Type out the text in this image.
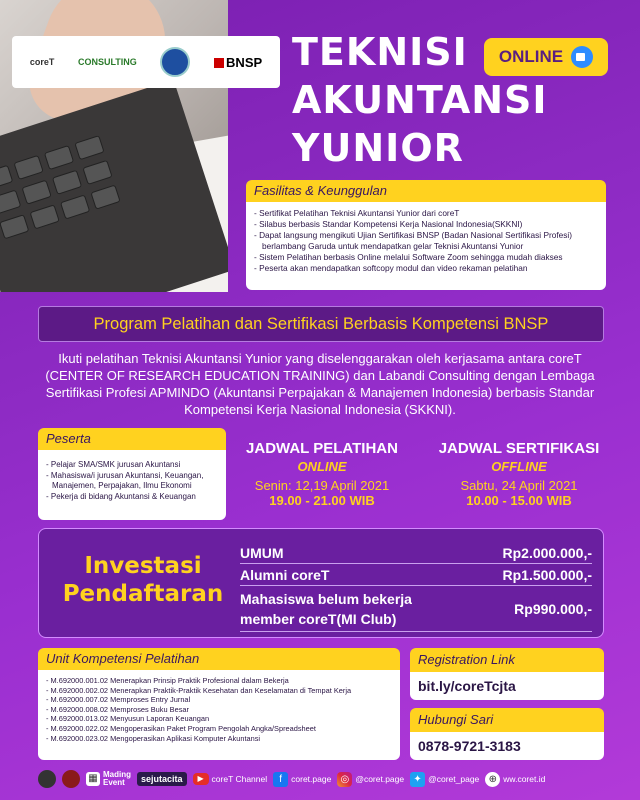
coreT	CONSULTING	BNSP TEKNISI
AKUNTANSI
YUNIOR
ONLINE
Fasilitas & Keunggulan
- Sertifikat Pelatihan Teknisi Akuntansi Yunior dari coreT
- Silabus berbasis Standar Kompetensi Kerja Nasional Indonesia(SKKNI)
- Dapat langsung mengikuti Ujian Sertifikasi BNSP (Badan Nasional Sertifikasi Profesi)
berlambang Garuda untuk mendapatkan gelar Teknisi Akuntansi Yunior
- Sistem Pelatihan berbasis Online melalui Software Zoom sehingga mudah diakses
- Peserta akan mendapatkan softcopy modul dan video rekaman pelatihan
Program Pelatihan dan Sertifikasi Berbasis Kompetensi BNSP
Ikuti pelatihan Teknisi Akuntansi Yunior yang diselenggarakan oleh kerjasama antara coreT (CENTER OF RESEARCH EDUCATION TRAINING) dan Labandi Consulting dengan Lembaga Sertifikasi Profesi APMINDO (Akuntansi Perpajakan & Manajemen Indonesia) berbasis Standar Kompetensi Kerja Nasional Indonesia (SKKNI).
Peserta
- Pelajar SMA/SMK jurusan Akuntansi
- Mahasiswa/i jurusan Akuntansi, Keuangan,
Manajemen, Perpajakan, Ilmu Ekonomi
- Pekerja di bidang Akuntansi & Keuangan
JADWAL PELATIHAN
ONLINE
Senin: 12,19 April 2021
19.00 - 21.00 WIB
JADWAL SERTIFIKASI
OFFLINE
Sabtu, 24 April 2021
10.00 - 15.00 WIB
Investasi
Pendaftaran
UMUM	Rp2.000.000,-
Alumni coreT	Rp1.500.000,-
Mahasiswa belum bekerja
member coreT(MI Club)
Rp990.000,-
Unit Kompetensi Pelatihan
- M.692000.001.02 Menerapkan Prinsip Praktik Profesional dalam Bekerja
- M.692000.002.02 Menerapkan Praktik-Praktik Kesehatan dan Keselamatan di Tempat Kerja
- M.692000.007.02 Memproses Entry Jurnal
- M.692000.008.02 Memproses Buku Besar
- M.692000.013.02 Menyusun Laporan Keuangan
- M.692000.022.02 Mengoperasikan Paket Program Pengolah Angka/Spreadsheet
- M.692000.023.02 Mengoperasikan Aplikasi Komputer Akuntansi
Registration Link
bit.ly/coreTcjta
Hubungi Sari
0878-9721-3183
▦ Mading
Event	sejutacita	▶ coreT Channel	f	coret.page ◎ @coret.page ✦ @coret_page ⊕ ww.coret.id
